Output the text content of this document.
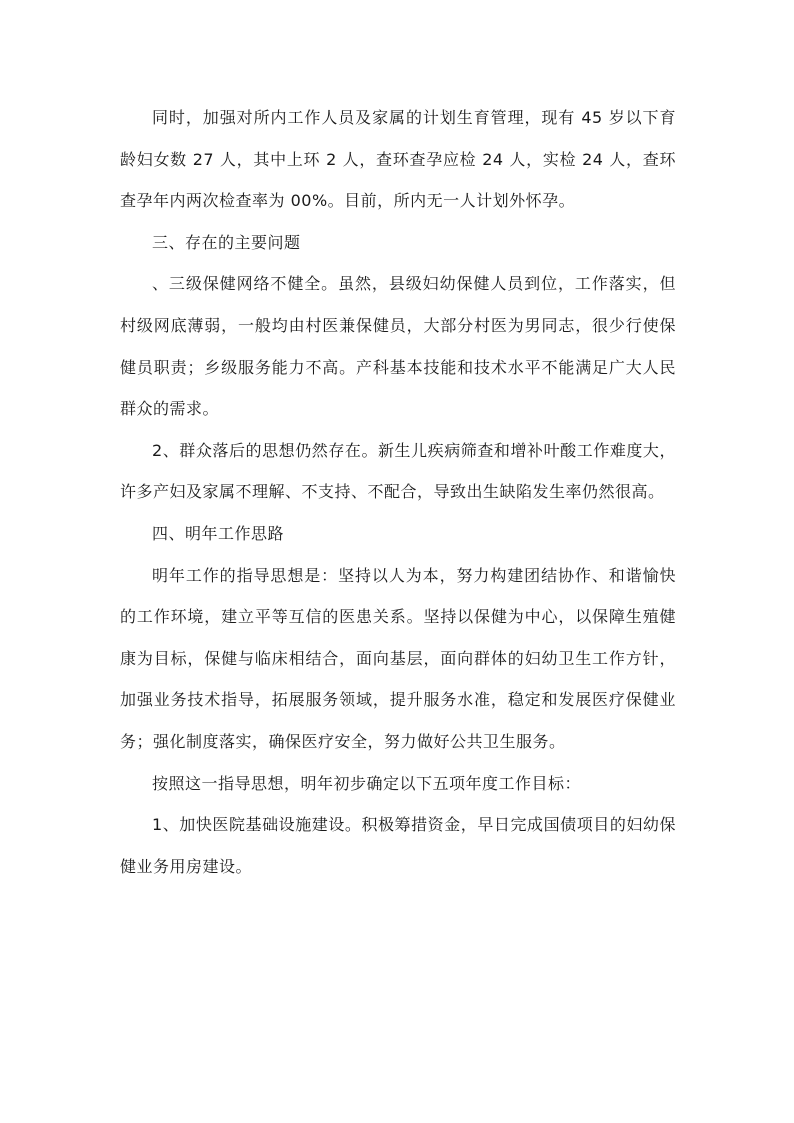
同时，加强对所内工作人员及家属的计划生育管理，现有 45 岁以下育龄妇女数 27 人，其中上环 2 人，查环查孕应检 24 人，实检 24 人，查环查孕年内两次检查率为 00%。目前，所内无一人计划外怀孕。

三、存在的主要问题

、三级保健网络不健全。虽然，县级妇幼保健人员到位，工作落实，但村级网底薄弱，一般均由村医兼保健员，大部分村医为男同志，很少行使保健员职责；乡级服务能力不高。产科基本技能和技术水平不能满足广大人民群众的需求。

2、群众落后的思想仍然存在。新生儿疾病筛查和增补叶酸工作难度大，许多产妇及家属不理解、不支持、不配合，导致出生缺陷发生率仍然很高。

四、明年工作思路

明年工作的指导思想是：坚持以人为本，努力构建团结协作、和谐愉快的工作环境，建立平等互信的医患关系。坚持以保健为中心，以保障生殖健康为目标，保健与临床相结合，面向基层，面向群体的妇幼卫生工作方针，加强业务技术指导，拓展服务领域，提升服务水准，稳定和发展医疗保健业务；强化制度落实，确保医疗安全，努力做好公共卫生服务。

按照这一指导思想，明年初步确定以下五项年度工作目标：

1、加快医院基础设施建设。积极筹措资金，早日完成国债项目的妇幼保健业务用房建设。
